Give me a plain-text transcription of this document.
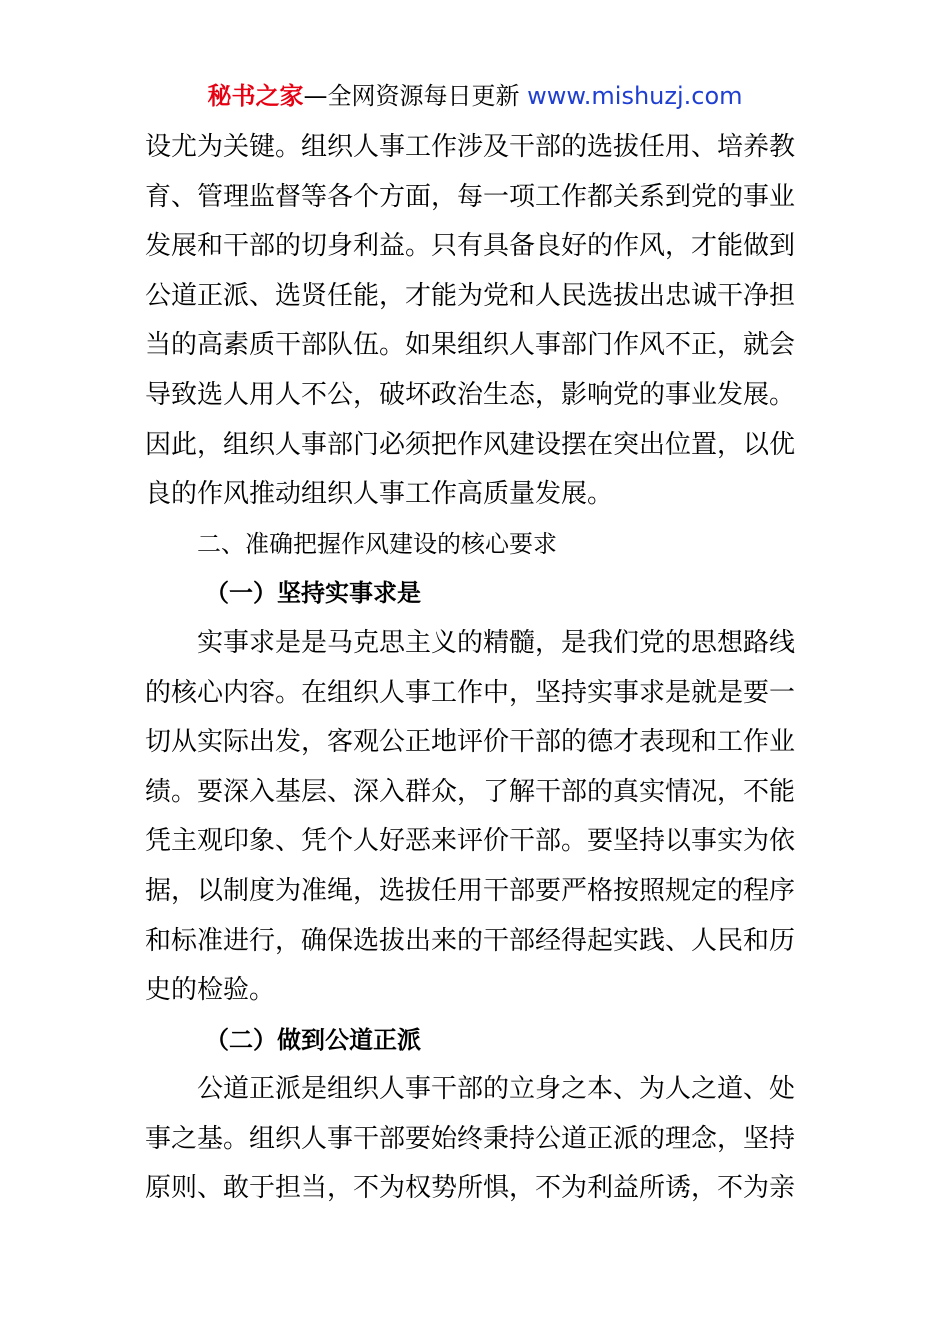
秘书之家—全网资源每日更新 www.mishuzj.com
设尤为关键。组织人事工作涉及干部的选拔任用、培养教
育、管理监督等各个方面，每一项工作都关系到党的事业
发展和干部的切身利益。只有具备良好的作风，才能做到
公道正派、选贤任能，才能为党和人民选拔出忠诚干净担
当的高素质干部队伍。如果组织人事部门作风不正，就会
导致选人用人不公，破坏政治生态，影响党的事业发展。
因此，组织人事部门必须把作风建设摆在突出位置，以优
良的作风推动组织人事工作高质量发展。
二、准确把握作风建设的核心要求
（一）坚持实事求是
实事求是是马克思主义的精髓，是我们党的思想路线
的核心内容。在组织人事工作中，坚持实事求是就是要一
切从实际出发，客观公正地评价干部的德才表现和工作业
绩。要深入基层、深入群众，了解干部的真实情况，不能
凭主观印象、凭个人好恶来评价干部。要坚持以事实为依
据，以制度为准绳，选拔任用干部要严格按照规定的程序
和标准进行，确保选拔出来的干部经得起实践、人民和历
史的检验。
（二）做到公道正派
公道正派是组织人事干部的立身之本、为人之道、处
事之基。组织人事干部要始终秉持公道正派的理念，坚持
原则、敢于担当，不为权势所惧，不为利益所诱，不为亲
